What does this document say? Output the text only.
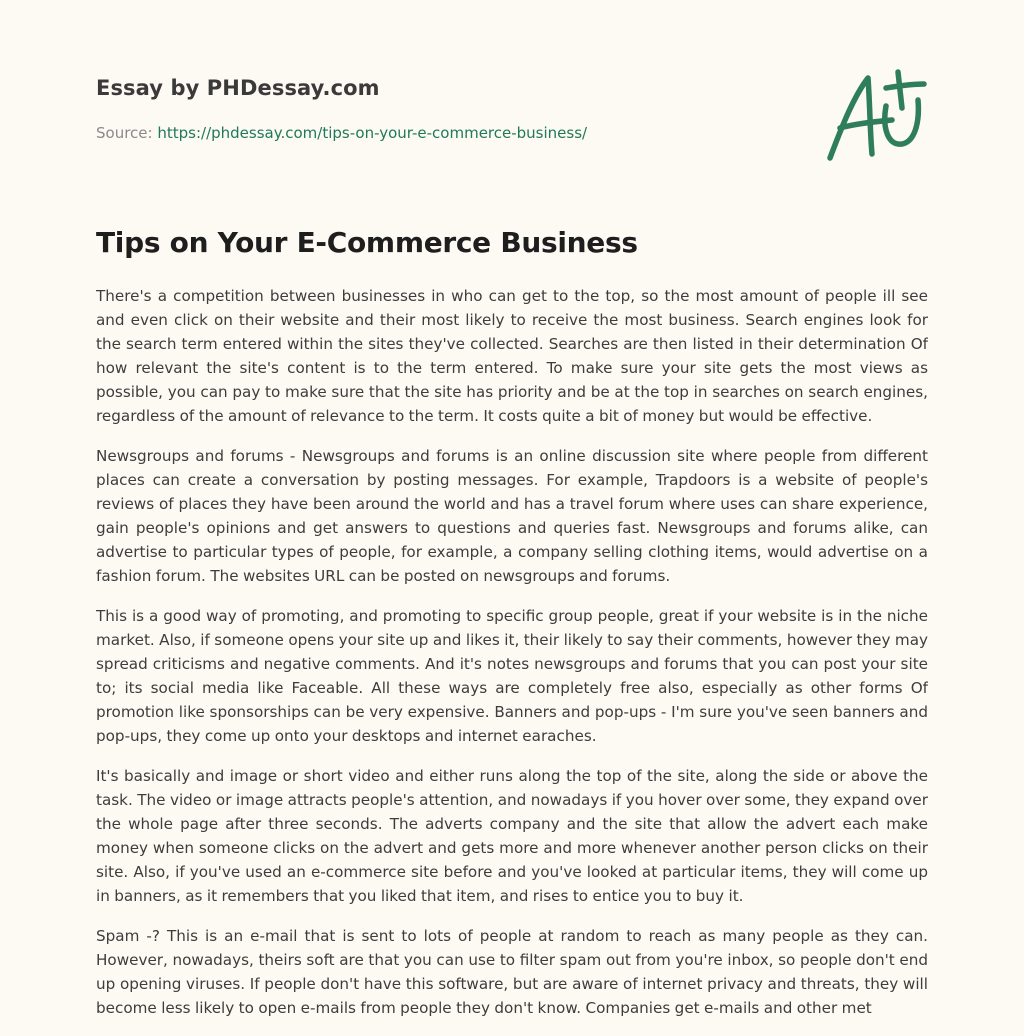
Essay by PHDessay.com

Source: https://phdessay.com/tips-on-your-e-commerce-business/

Tips on Your E-Commerce Business

There's a competition between businesses in who can get to the top, so the most amount of people ill see and even click on their website and their most likely to receive the most business. Search engines look for the search term entered within the sites they've collected. Searches are then listed in their determination Of how relevant the site's content is to the term entered. To make sure your site gets the most views as possible, you can pay to make sure that the site has priority and be at the top in searches on search engines, regardless of the amount of relevance to the term. It costs quite a bit of money but would be effective.

Newsgroups and forums - Newsgroups and forums is an online discussion site where people from different places can create a conversation by posting messages. For example, Trapdoors is a website of people's reviews of places they have been around the world and has a travel forum where uses can share experience, gain people's opinions and get answers to questions and queries fast. Newsgroups and forums alike, can advertise to particular types of people, for example, a company selling clothing items, would advertise on a fashion forum. The websites URL can be posted on newsgroups and forums.

This is a good way of promoting, and promoting to specific group people, great if your website is in the niche market. Also, if someone opens your site up and likes it, their likely to say their comments, however they may spread criticisms and negative comments. And it's notes newsgroups and forums that you can post your site to; its social media like Faceable. All these ways are completely free also, especially as other forms Of promotion like sponsorships can be very expensive. Banners and pop-ups - I'm sure you've seen banners and pop-ups, they come up onto your desktops and internet earaches.

It's basically and image or short video and either runs along the top of the site, along the side or above the task. The video or image attracts people's attention, and nowadays if you hover over some, they expand over the whole page after three seconds. The adverts company and the site that allow the advert each make money when someone clicks on the advert and gets more and more whenever another person clicks on their site. Also, if you've used an e-commerce site before and you've looked at particular items, they will come up in banners, as it remembers that you liked that item, and rises to entice you to buy it.

Spam -? This is an e-mail that is sent to lots of people at random to reach as many people as they can. However, nowadays, theirs soft are that you can use to filter spam out from you're inbox, so people don't end up opening viruses. If people don't have this software, but are aware of internet privacy and threats, they will become less likely to open e-mails from people they don't know. Companies get e-mails and other met
